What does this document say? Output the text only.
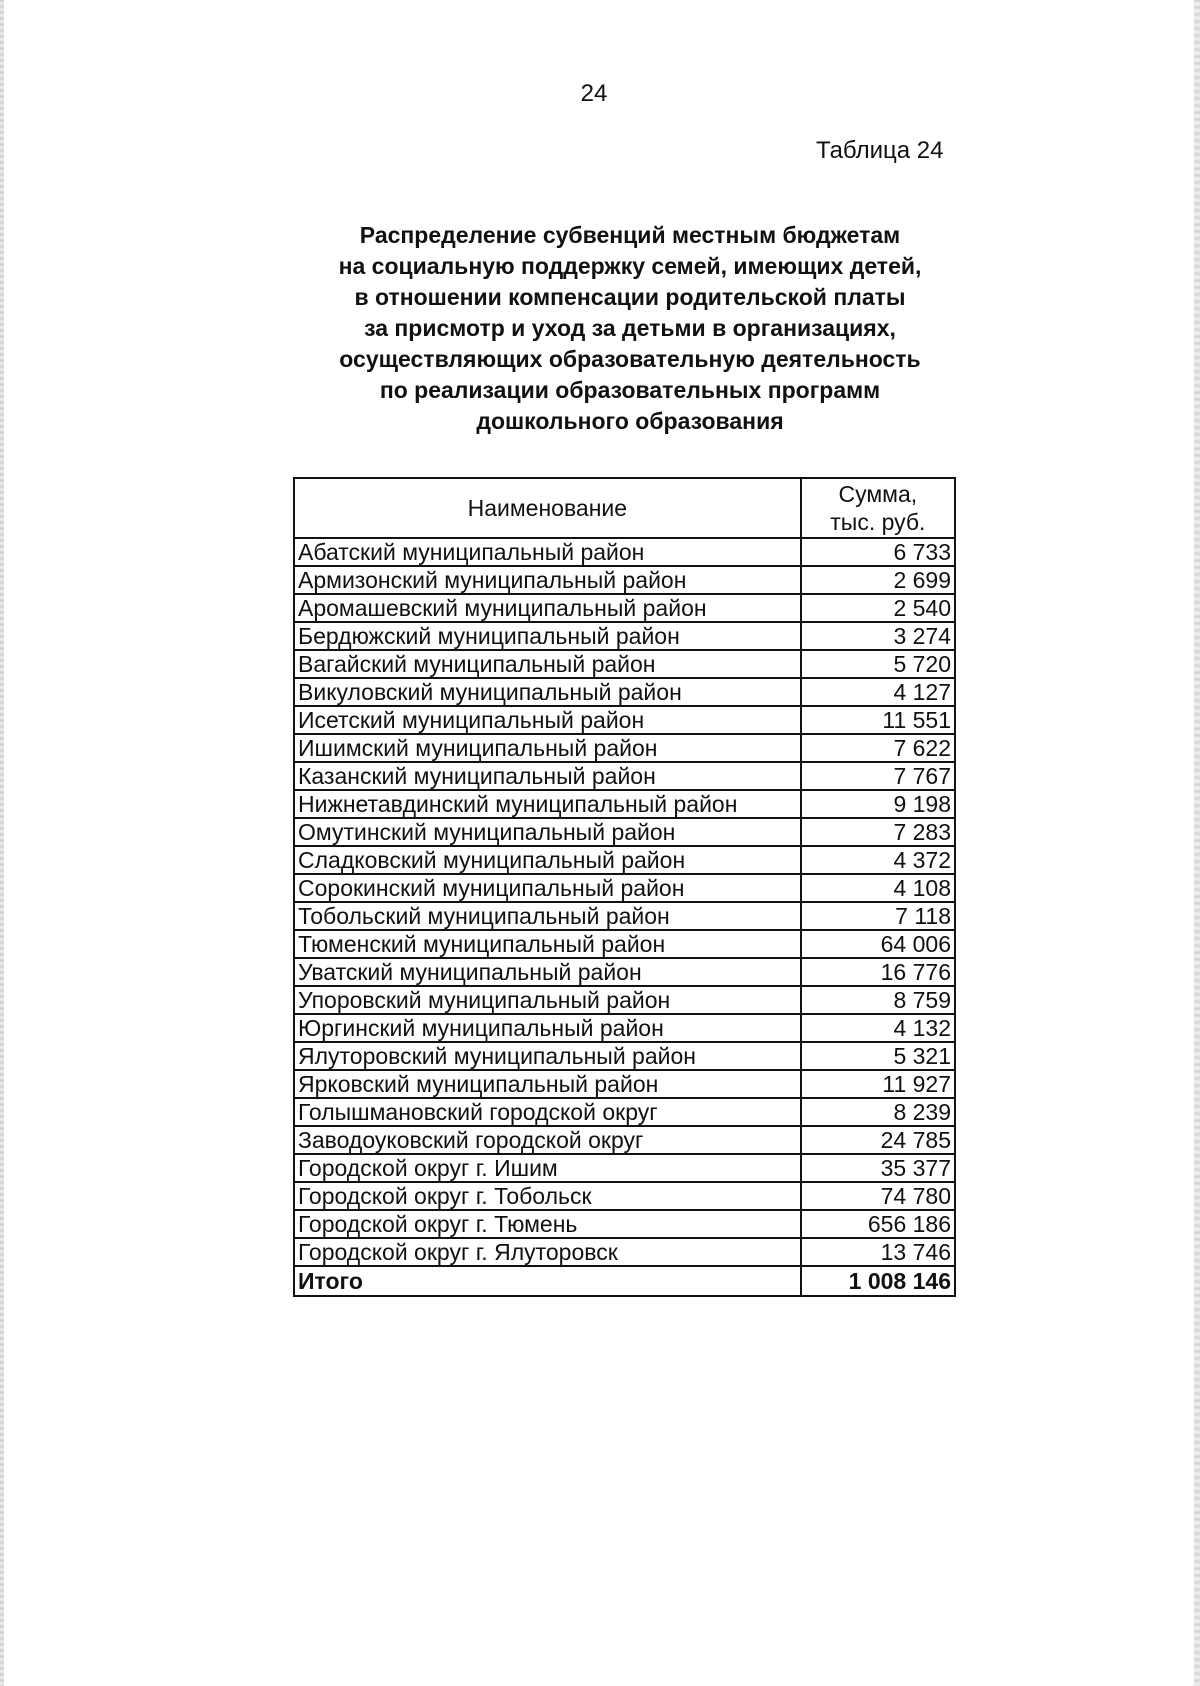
24
Таблица 24
Распределение субвенций местным бюджетам
на социальную поддержку семей, имеющих детей,
в отношении компенсации родительской платы
за присмотр и уход за детьми в организациях,
осуществляющих образовательную деятельность
по реализации образовательных программ
дошкольного образования
Наименование	Сумма,
тыс. руб.
Абатский муниципальный район	6 733
Армизонский муниципальный район	2 699
Аромашевский муниципальный район	2 540
Бердюжский муниципальный район	3 274
Вагайский муниципальный район	5 720
Викуловский муниципальный район	4 127
Исетский муниципальный район	11 551
Ишимский муниципальный район	7 622
Казанский муниципальный район	7 767
Нижнетавдинский муниципальный район	9 198
Омутинский муниципальный район	7 283
Сладковский муниципальный район	4 372
Сорокинский муниципальный район	4 108
Тобольский муниципальный район	7 118
Тюменский муниципальный район	64 006
Уватский муниципальный район	16 776
Упоровский муниципальный район	8 759
Юргинский муниципальный район	4 132
Ялуторовский муниципальный район	5 321
Ярковский муниципальный район	11 927
Голышмановский городской округ	8 239
Заводоуковский городской округ	24 785
Городской округ г. Ишим	35 377
Городской округ г. Тобольск	74 780
Городской округ г. Тюмень	656 186
Городской округ г. Ялуторовск	13 746
Итого	1 008 146
